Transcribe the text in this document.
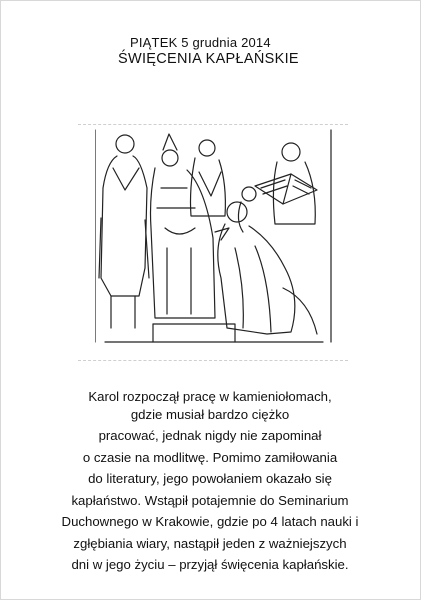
PIĄTEK 5 grudnia 2014
ŚWIĘCENIA KAPŁAŃSKIE
Karol rozpoczął pracę w kamieniołomach,
gdzie musiał bardzo ciężko
pracować, jednak nigdy nie zapominał
o czasie na modlitwę. Pomimo zamiłowania
do literatury, jego powołaniem okazało się
kapłaństwo. Wstąpił potajemnie do Seminarium
Duchownego w Krakowie, gdzie po 4 latach nauki i
zgłębiania wiary, nastąpił jeden z ważniejszych
dni w jego życiu – przyjął święcenia kapłańskie.
